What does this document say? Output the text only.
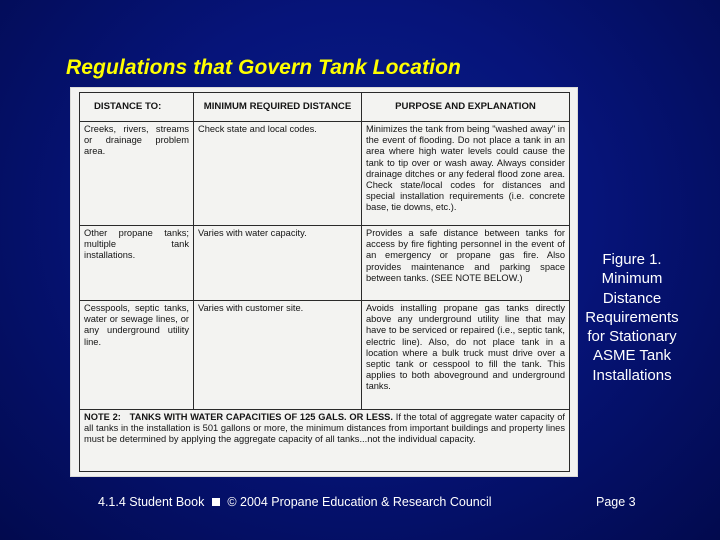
Regulations that Govern Tank Location
DISTANCE TO:	MINIMUM REQUIRED DISTANCE	PURPOSE AND EXPLANATION
Creeks, rivers, streams or drainage problem area.	Check state and local codes.	Minimizes the tank from being "washed away" in the event of flooding. Do not place a tank in an area where high water levels could cause the tank to tip over or wash away. Always consider drainage ditches or any federal flood zone area. Check state/local codes for distances and special installation requirements (i.e. concrete base, tie downs, etc.).
Other propane tanks; multiple tank installations.	Varies with water capacity.	Provides a safe distance between tanks for access by fire fighting personnel in the event of an emergency or propane gas fire. Also provides maintenance and parking space between tanks. (SEE NOTE BELOW.)
Cesspools, septic tanks, water or sewage lines, or any underground utility line.	Varies with customer site.	Avoids installing propane gas tanks directly above any underground utility line that may have to be serviced or repaired (i.e., septic tank, electric line). Also, do not place tank in a location where a bulk truck must drive over a septic tank or cesspool to fill the tank. This applies to both aboveground and underground tanks.
NOTE 2: TANKS WITH WATER CAPACITIES OF 125 GALS. OR LESS. If the total of aggregate water capacity of all tanks in the installation is 501 gallons or more, the minimum distances from important buildings and property lines must be determined by applying the aggregate capacity of all tanks...not the individual capacity.		
Figure 1. Minimum Distance Requirements for Stationary ASME Tank Installations
4.1.4 Student Book © 2004 Propane Education & Research Council	Page 3
